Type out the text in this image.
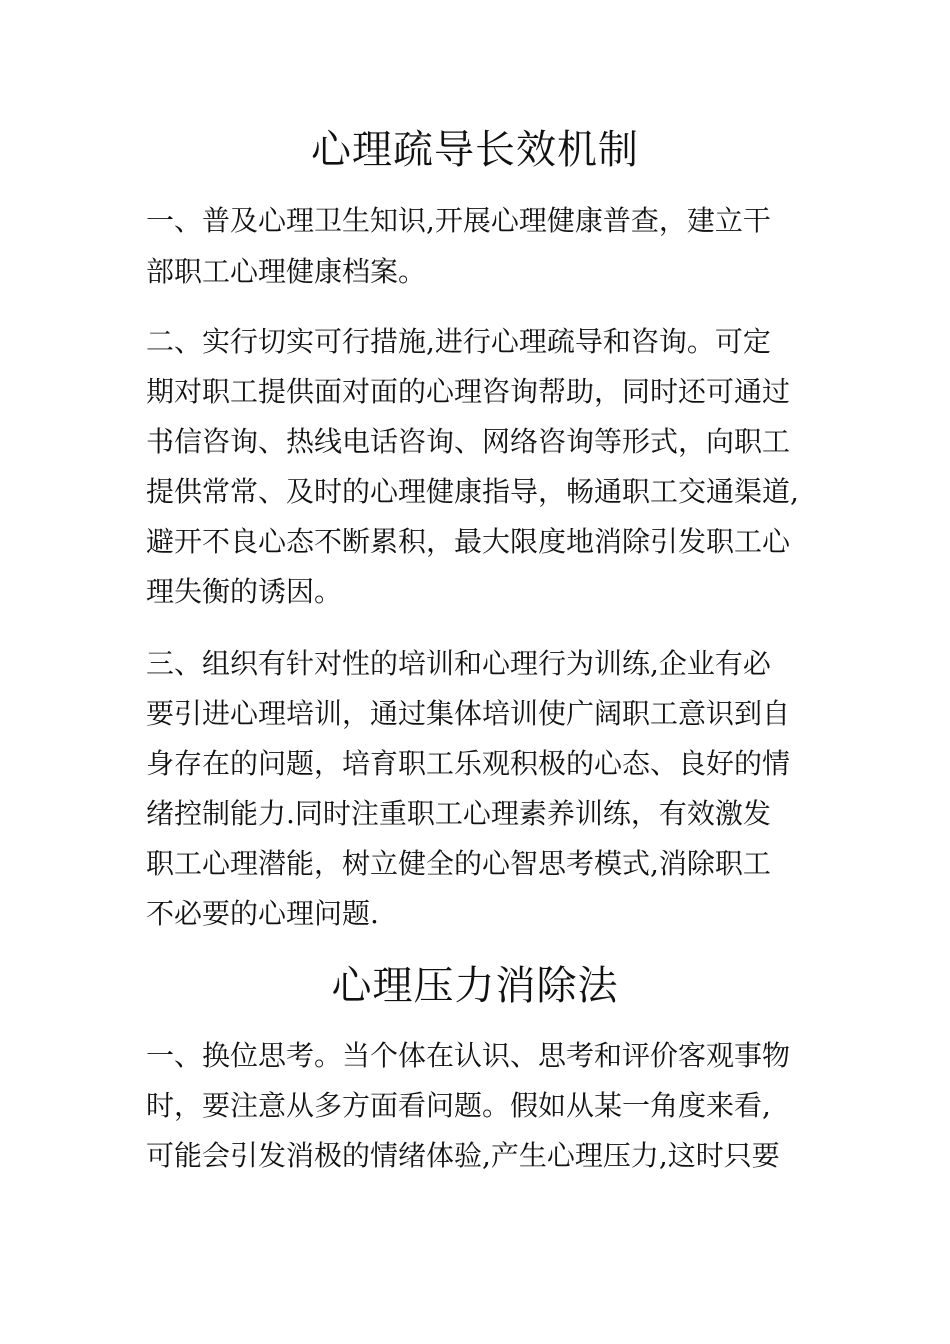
心理疏导长效机制

一、普及心理卫生知识,开展心理健康普查，建立干

部职工心理健康档案。

二、实行切实可行措施,进行心理疏导和咨询。可定

期对职工提供面对面的心理咨询帮助，同时还可通过

书信咨询、热线电话咨询、网络咨询等形式，向职工

提供常常、及时的心理健康指导，畅通职工交通渠道,

避开不良心态不断累积，最大限度地消除引发职工心

理失衡的诱因。

三、组织有针对性的培训和心理行为训练,企业有必

要引进心理培训，通过集体培训使广阔职工意识到自

身存在的问题，培育职工乐观积极的心态、良好的情

绪控制能力.同时注重职工心理素养训练，有效激发

职工心理潜能，树立健全的心智思考模式,消除职工

不必要的心理问题.

心理压力消除法

一、换位思考。当个体在认识、思考和评价客观事物

时，要注意从多方面看问题。假如从某一角度来看,

可能会引发消极的情绪体验,产生心理压力,这时只要
